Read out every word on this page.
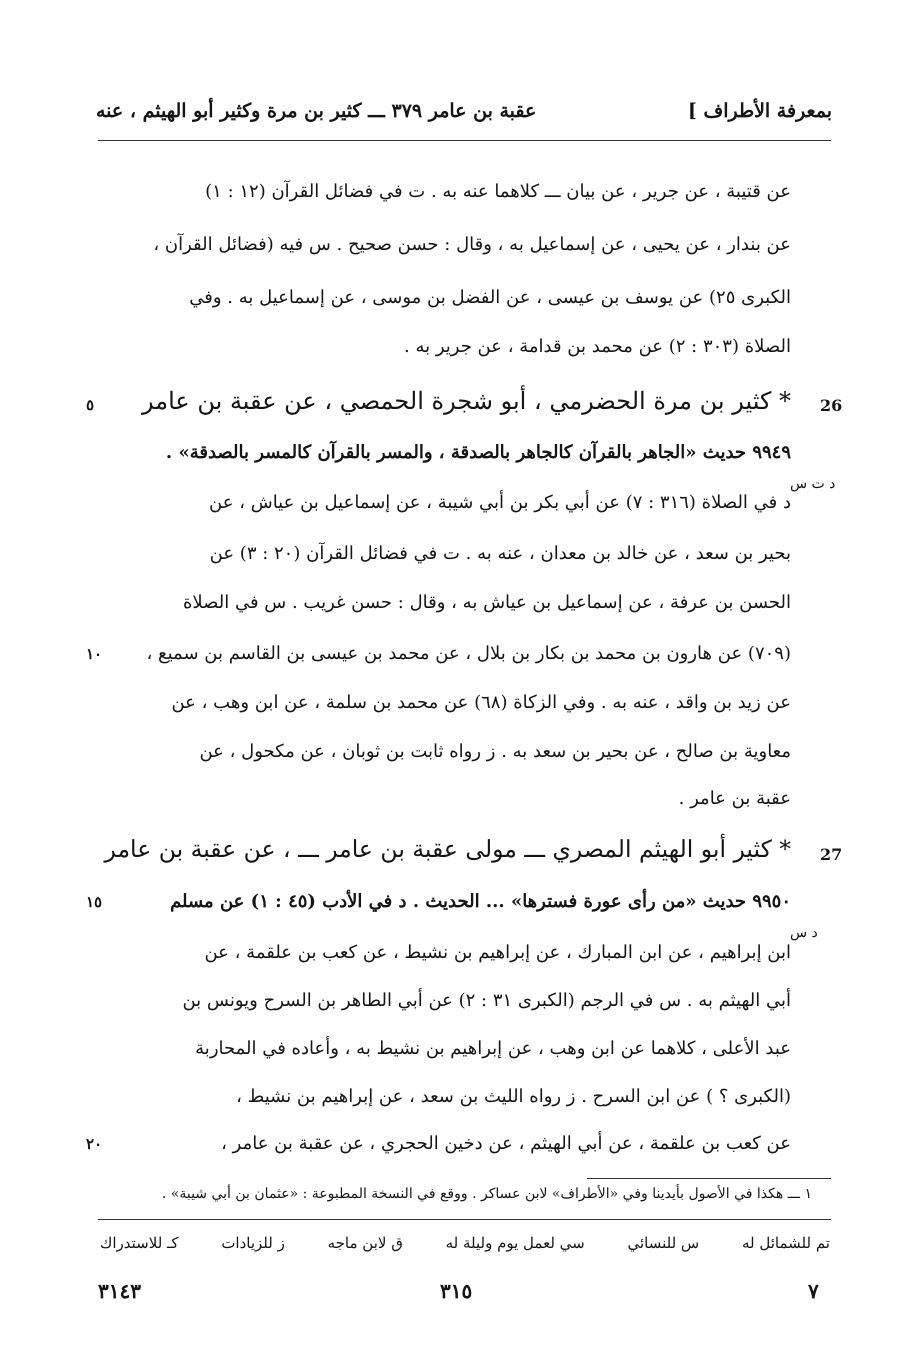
بمعرفة الأطراف ]
عقبة بن عامر ٣٧٩ ـــ كثير بن مرة وكثير أبو الهيثم ، عنه
عن قتيبة ، عن جرير ، عن بيان ـــ كلاهما عنه به . ت في فضائل القرآن (١٢ : ١)
عن بندار ، عن يحيى ، عن إسماعيل به ، وقال : حسن صحيح . س فيه (فضائل القرآن ،
الكبرى ٢٥) عن يوسف بن عيسى ، عن الفضل بن موسى ، عن إسماعيل به . وفي
الصلاة (٣٠٣ : ٢) عن محمد بن قدامة ، عن جرير به .
26
* كثير بن مرة الحضرمي ، أبو شجرة الحمصي ، عن عقبة بن عامر
٥
٩٩٤٩ حديث «الجاهر بالقرآن كالجاهر بالصدقة ، والمسر بالقرآن كالمسر بالصدقة» .
د ت س
د في الصلاة (٣١٦ : ٧) عن أبي بكر بن أبي شيبة ، عن إسماعيل بن عياش ، عن
بحير بن سعد ، عن خالد بن معدان ، عنه به . ت في فضائل القرآن (٢٠ : ٣) عن
الحسن بن عرفة ، عن إسماعيل بن عياش به ، وقال : حسن غريب . س في الصلاة
(٧٠٩) عن هارون بن محمد بن بكار بن بلال ، عن محمد بن عيسى بن القاسم بن سميع ،
١٠
عن زيد بن واقد ، عنه به . وفي الزكاة (٦٨) عن محمد بن سلمة ، عن ابن وهب ، عن
معاوية بن صالح ، عن بحير بن سعد به . ز رواه ثابت بن ثوبان ، عن مكحول ، عن
عقبة بن عامر .
27
* كثير أبو الهيثم المصري ـــ مولى عقبة بن عامر ـــ ، عن عقبة بن عامر
٩٩٥٠ حديث «من رأى عورة فسترها» ... الحديث . د في الأدب (٤٥ : ١) عن مسلم
١٥
د س
ابن إبراهيم ، عن ابن المبارك ، عن إبراهيم بن نشيط ، عن كعب بن علقمة ، عن
أبي الهيثم به . س في الرجم (الكبرى ٣١ : ٢) عن أبي الطاهر بن السرح ويونس بن
عبد الأعلى ، كلاهما عن ابن وهب ، عن إبراهيم بن نشيط به ، وأعاده في المحاربة
(الكبرى ؟ ) عن ابن السرح . ز رواه الليث بن سعد ، عن إبراهيم بن نشيط ،
عن كعب بن علقمة ، عن أبي الهيثم ، عن دخين الحجري ، عن عقبة بن عامر ،
٢٠
١ ـــ هكذا في الأصول بأيدينا وفي «الأطراف» لابن عساكر . ووقع في النسخة المطبوعة : «عثمان بن أبي شيبة» .
تم للشمائل له
س للنسائي
سي لعمل يوم وليلة له
ق لابن ماجه
ز للزيادات
كـ للاستدراك
٣١٤٣	٣١٥	٧
